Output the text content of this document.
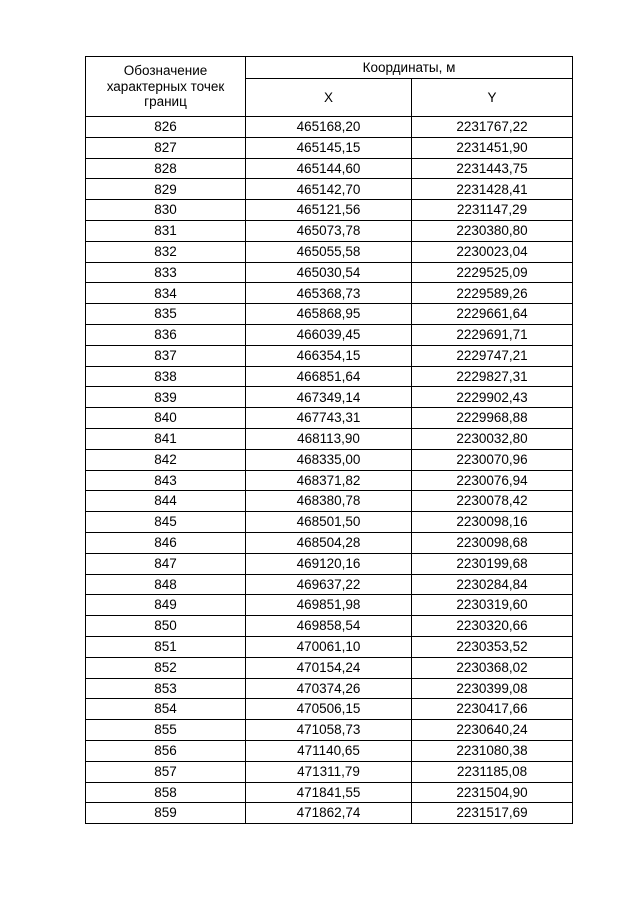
Обозначение характерных точек границ	Координаты, м	
	X	Y
826	465168,20	2231767,22
827	465145,15	2231451,90
828	465144,60	2231443,75
829	465142,70	2231428,41
830	465121,56	2231147,29
831	465073,78	2230380,80
832	465055,58	2230023,04
833	465030,54	2229525,09
834	465368,73	2229589,26
835	465868,95	2229661,64
836	466039,45	2229691,71
837	466354,15	2229747,21
838	466851,64	2229827,31
839	467349,14	2229902,43
840	467743,31	2229968,88
841	468113,90	2230032,80
842	468335,00	2230070,96
843	468371,82	2230076,94
844	468380,78	2230078,42
845	468501,50	2230098,16
846	468504,28	2230098,68
847	469120,16	2230199,68
848	469637,22	2230284,84
849	469851,98	2230319,60
850	469858,54	2230320,66
851	470061,10	2230353,52
852	470154,24	2230368,02
853	470374,26	2230399,08
854	470506,15	2230417,66
855	471058,73	2230640,24
856	471140,65	2231080,38
857	471311,79	2231185,08
858	471841,55	2231504,90
859	471862,74	2231517,69
